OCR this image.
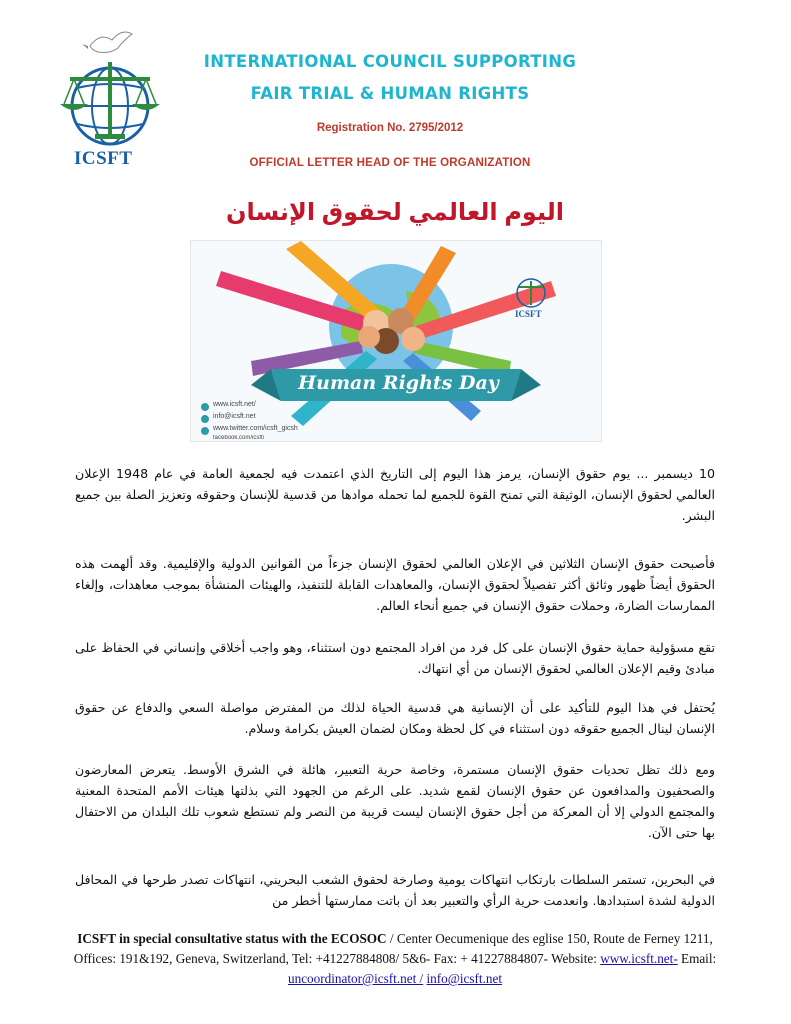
ICSFT
INTERNATIONAL COUNCIL SUPPORTING
FAIR TRIAL & HUMAN RIGHTS
Registration No. 2795/2012
OFFICIAL LETTER HEAD OF THE ORGANIZATION
اليوم العالمي لحقوق الإنسان
Human Rights Day
ICSFT
www.icsft.net/
info@icsft.net
www.twitter.com/icsft_gicsh
facebook.com/icsft/
10 ديسمبر ... يوم حقوق الإنسان، يرمز هذا اليوم إلى التاريخ الذي اعتمدت فيه لجمعية العامة في عام 1948 الإعلان العالمي لحقوق الإنسان، الوثيقة التي تمنح القوة للجميع لما تحمله موادها من قدسية للإنسان وحقوقه وتعزيز الصلة بين جميع البشر.
فأصبحت حقوق الإنسان الثلاثين في الإعلان العالمي لحقوق الإنسان جزءاً من القوانين الدولية والإقليمية. وقد ألهمت هذه الحقوق أيضاً ظهور وثائق أكثر تفصيلاً لحقوق الإنسان، والمعاهدات القابلة للتنفيذ، والهيئات المنشأة بموجب معاهدات، وإلغاء الممارسات الضارة، وحملات حقوق الإنسان في جميع أنحاء العالم.
تقع مسؤولية حماية حقوق الإنسان على كل فرد من افراد المجتمع دون استثناء، وهو واجب أخلاقي وإنساني في الحفاظ على مبادئ وقيم الإعلان العالمي لحقوق الإنسان من أي انتهاك.
يُحتفل في هذا اليوم للتأكيد على أن الإنسانية هي قدسية الحياة لذلك من المفترض مواصلة السعي والدفاع عن حقوق الإنسان لينال الجميع حقوقه دون استثناء في كل لحظة ومكان لضمان العيش بكرامة وسلام.
ومع ذلك تظل تحديات حقوق الإنسان مستمرة، وخاصة حرية التعبير، هائلة في الشرق الأوسط. يتعرض المعارضون والصحفيون والمدافعون عن حقوق الإنسان لقمع شديد. على الرغم من الجهود التي بذلتها هيئات الأمم المتحدة المعنية والمجتمع الدولي إلا أن المعركة من أجل حقوق الإنسان ليست قريبة من النصر ولم تستطع شعوب تلك البلدان من الاحتفال بها حتى الآن.
في البحرين، تستمر السلطات بارتكاب انتهاكات يومية وصارخة لحقوق الشعب البحريني، انتهاكات تصدر طرحها في المحافل الدولية لشدة استبدادها. وانعدمت حرية الرأي والتعبير بعد أن باتت ممارستها أخطر من
ICSFT in special consultative status with the ECOSOC / Center Oecumenique des eglise 150, Route de Ferney 1211, Offices: 191&192, Geneva, Switzerland, Tel: +41227884808/ 5&6- Fax: + 41227884807- Website: www.icsft.net- Email: uncoordinator@icsft.net / info@icsft.net
